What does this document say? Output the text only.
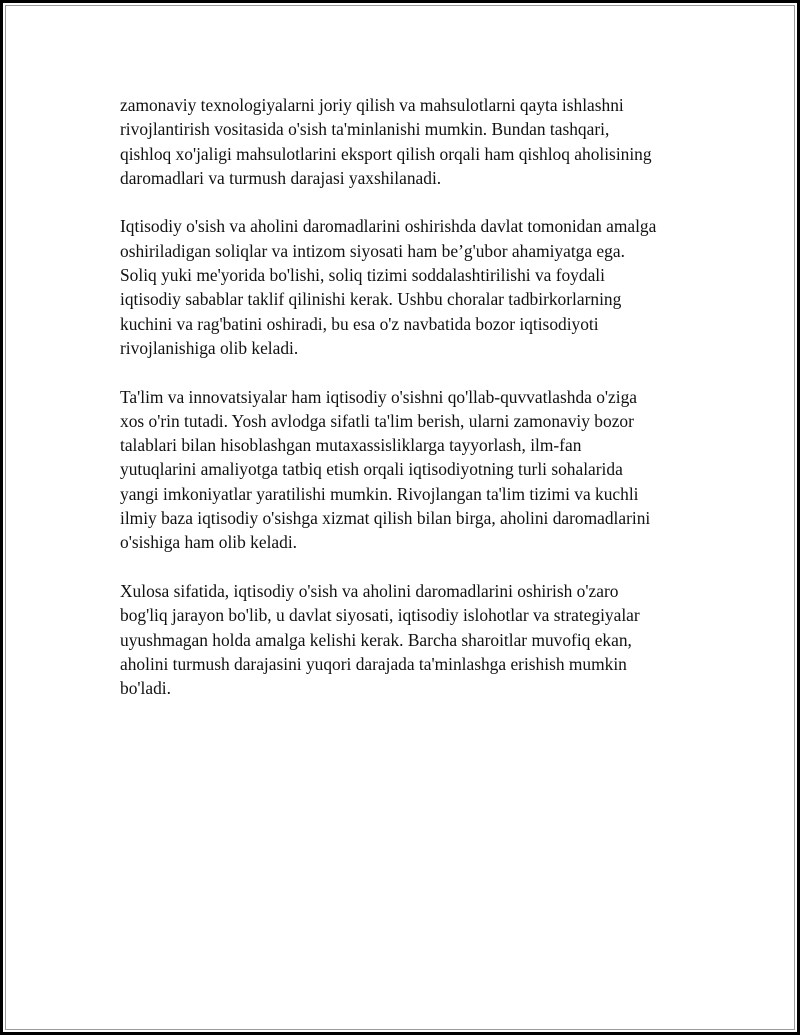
zamonaviy texnologiyalarni joriy qilish va mahsulotlarni qayta ishlashni
rivojlantirish vositasida o'sish ta'minlanishi mumkin. Bundan tashqari,
qishloq xo'jaligi mahsulotlarini eksport qilish orqali ham qishloq aholisining
daromadlari va turmush darajasi yaxshilanadi.

Iqtisodiy o'sish va aholini daromadlarini oshirishda davlat tomonidan amalga
oshiriladigan soliqlar va intizom siyosati ham be’g'ubor ahamiyatga ega.
Soliq yuki me'yorida bo'lishi, soliq tizimi soddalashtirilishi va foydali
iqtisodiy sabablar taklif qilinishi kerak. Ushbu choralar tadbirkorlarning
kuchini va rag'batini oshiradi, bu esa o'z navbatida bozor iqtisodiyoti
rivojlanishiga olib keladi.

Ta'lim va innovatsiyalar ham iqtisodiy o'sishni qo'llab-quvvatlashda o'ziga
xos o'rin tutadi. Yosh avlodga sifatli ta'lim berish, ularni zamonaviy bozor
talablari bilan hisoblashgan mutaxassisliklarga tayyorlash, ilm-fan
yutuqlarini amaliyotga tatbiq etish orqali iqtisodiyotning turli sohalarida
yangi imkoniyatlar yaratilishi mumkin. Rivojlangan ta'lim tizimi va kuchli
ilmiy baza iqtisodiy o'sishga xizmat qilish bilan birga, aholini daromadlarini
o'sishiga ham olib keladi.

Xulosa sifatida, iqtisodiy o'sish va aholini daromadlarini oshirish o'zaro
bog'liq jarayon bo'lib, u davlat siyosati, iqtisodiy islohotlar va strategiyalar
uyushmagan holda amalga kelishi kerak. Barcha sharoitlar muvofiq ekan,
aholini turmush darajasini yuqori darajada ta'minlashga erishish mumkin
bo'ladi.
